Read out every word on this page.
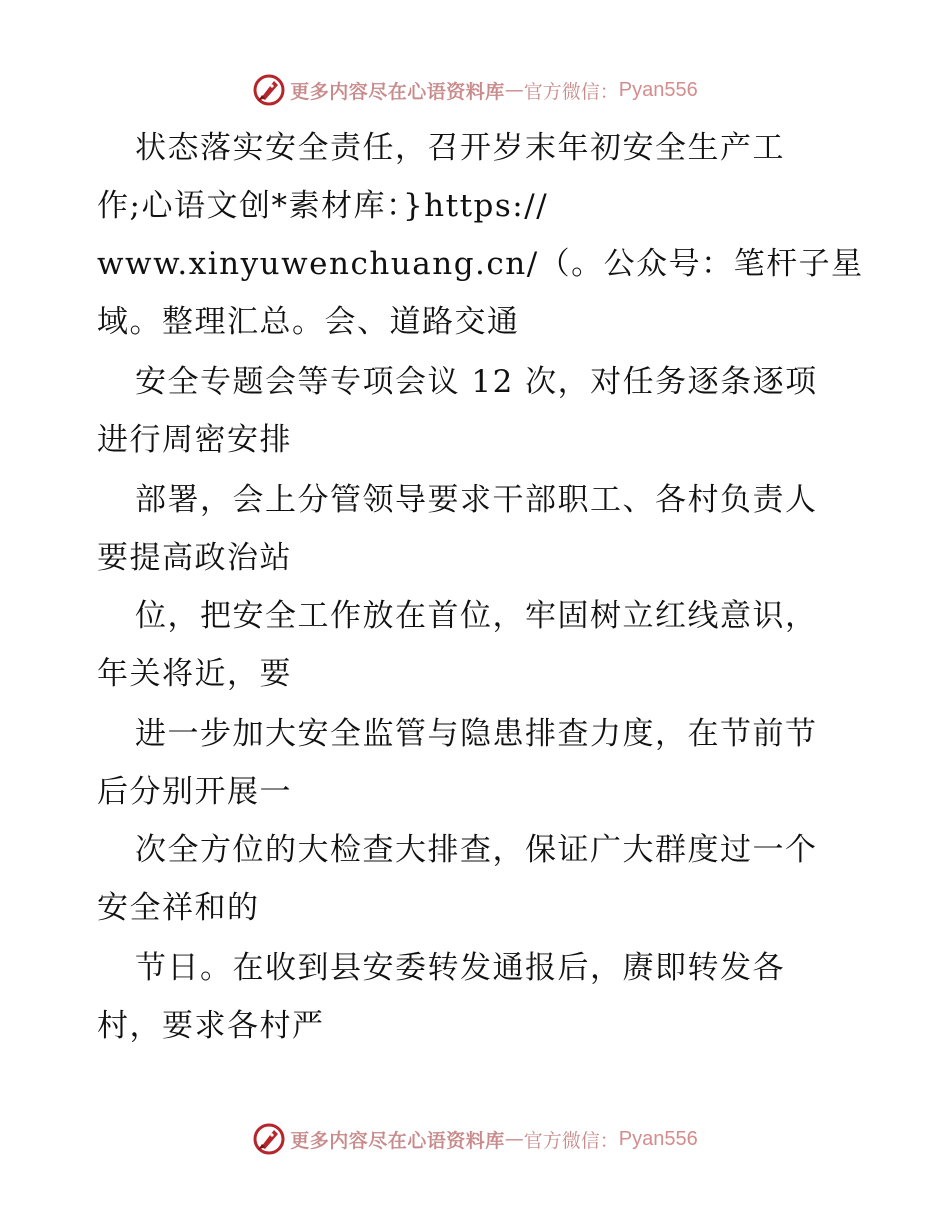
更多内容尽在心语资料库 — 官方微信： Pyan556
状态落实安全责任，召开岁末年初安全生产工
作;心语文创*素材库：}https://
www.xinyuwenchuang.cn/（。公众号：笔杆子星
域。整理汇总。会、道路交通
安全专题会等专项会议 12 次，对任务逐条逐项
进行周密安排
部署，会上分管领导要求干部职工、各村负责人
要提高政治站
位，把安全工作放在首位，牢固树立红线意识，
年关将近，要
进一步加大安全监管与隐患排查力度，在节前节
后分别开展一
次全方位的大检查大排查，保证广大群度过一个
安全祥和的
节日。在收到县安委转发通报后，赓即转发各
村，要求各村严
更多内容尽在心语资料库 — 官方微信： Pyan556
